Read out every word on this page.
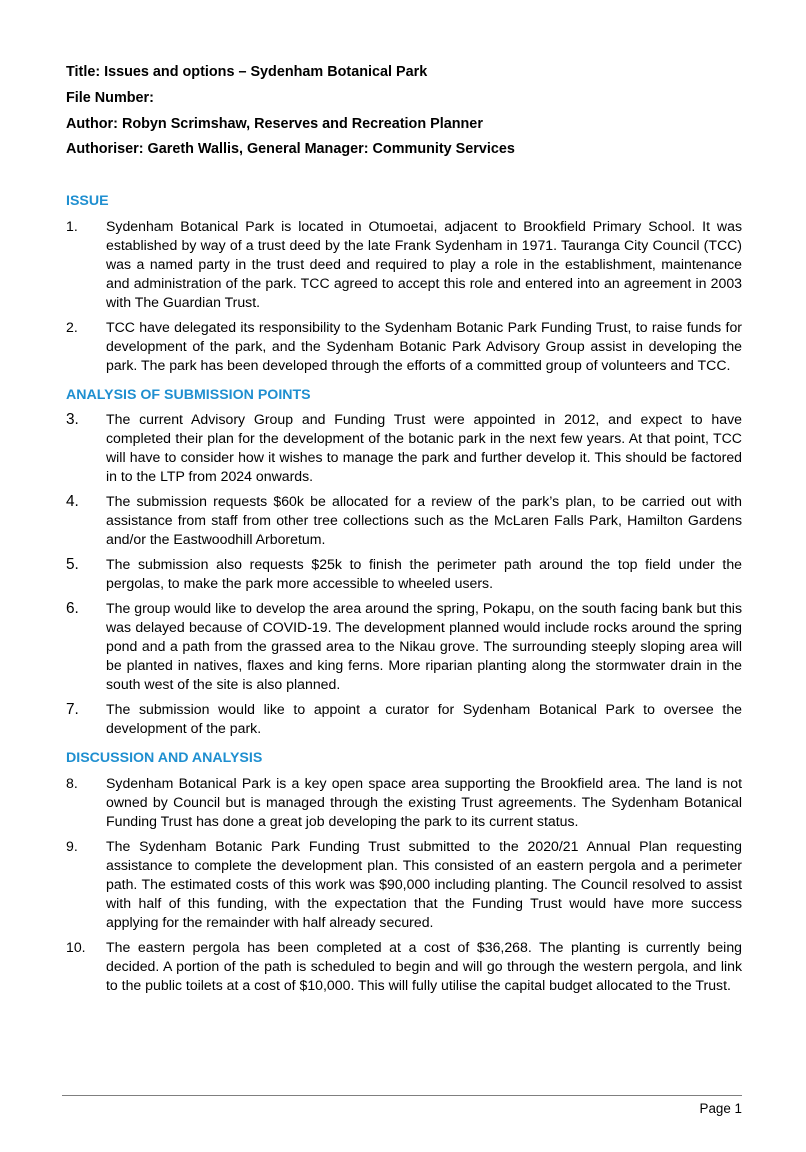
Title: Issues and options – Sydenham Botanical Park
File Number:
Author: Robyn Scrimshaw, Reserves and Recreation Planner
Authoriser: Gareth Wallis, General Manager: Community Services
ISSUE
1.	Sydenham Botanical Park is located in Otumoetai, adjacent to Brookfield Primary School. It was established by way of a trust deed by the late Frank Sydenham in 1971. Tauranga City Council (TCC) was a named party in the trust deed and required to play a role in the establishment, maintenance and administration of the park. TCC agreed to accept this role and entered into an agreement in 2003 with The Guardian Trust.
2.	TCC have delegated its responsibility to the Sydenham Botanic Park Funding Trust, to raise funds for development of the park, and the Sydenham Botanic Park Advisory Group assist in developing the park. The park has been developed through the efforts of a committed group of volunteers and TCC.
ANALYSIS OF SUBMISSION POINTS
3.	The current Advisory Group and Funding Trust were appointed in 2012, and expect to have completed their plan for the development of the botanic park in the next few years. At that point, TCC will have to consider how it wishes to manage the park and further develop it. This should be factored in to the LTP from 2024 onwards.
4.	The submission requests $60k be allocated for a review of the park’s plan, to be carried out with assistance from staff from other tree collections such as the McLaren Falls Park, Hamilton Gardens and/or the Eastwoodhill Arboretum.
5.	The submission also requests $25k to finish the perimeter path around the top field under the pergolas, to make the park more accessible to wheeled users.
6.	The group would like to develop the area around the spring, Pokapu, on the south facing bank but this was delayed because of COVID-19. The development planned would include rocks around the spring pond and a path from the grassed area to the Nikau grove. The surrounding steeply sloping area will be planted in natives, flaxes and king ferns. More riparian planting along the stormwater drain in the south west of the site is also planned.
7.	The submission would like to appoint a curator for Sydenham Botanical Park to oversee the development of the park.
DISCUSSION AND ANALYSIS
8.	Sydenham Botanical Park is a key open space area supporting the Brookfield area. The land is not owned by Council but is managed through the existing Trust agreements. The Sydenham Botanical Funding Trust has done a great job developing the park to its current status.
9.	The Sydenham Botanic Park Funding Trust submitted to the 2020/21 Annual Plan requesting assistance to complete the development plan. This consisted of an eastern pergola and a perimeter path. The estimated costs of this work was $90,000 including planting. The Council resolved to assist with half of this funding, with the expectation that the Funding Trust would have more success applying for the remainder with half already secured.
10.	The eastern pergola has been completed at a cost of $36,268. The planting is currently being decided. A portion of the path is scheduled to begin and will go through the western pergola, and link to the public toilets at a cost of $10,000. This will fully utilise the capital budget allocated to the Trust.
Page 1
